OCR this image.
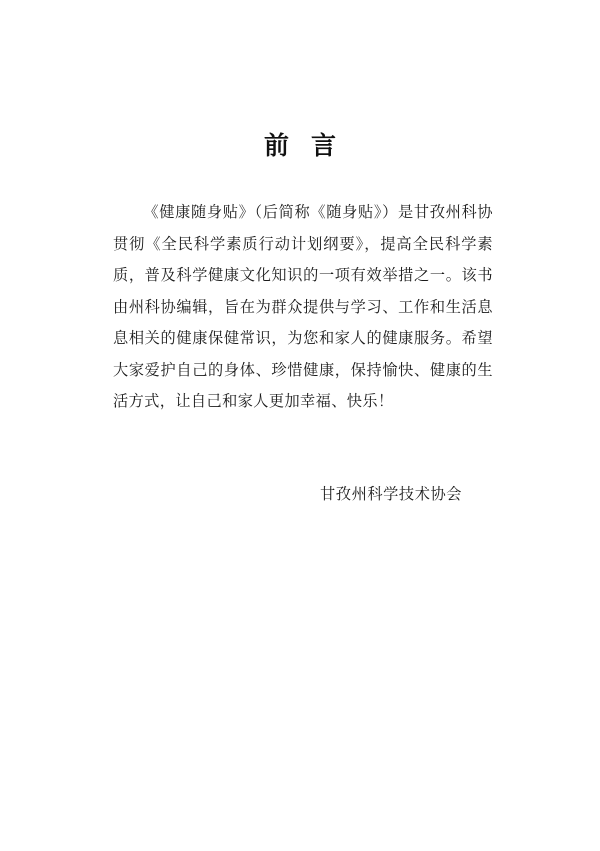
前言

《健康随身贴》（后简称《随身贴》）是甘孜州科协贯彻《全民科学素质行动计划纲要》，提高全民科学素质，普及科学健康文化知识的一项有效举措之一。该书由州科协编辑，旨在为群众提供与学习、工作和生活息息相关的健康保健常识，为您和家人的健康服务。希望大家爱护自己的身体、珍惜健康，保持愉快、健康的生活方式，让自己和家人更加幸福、快乐！

甘孜州科学技术协会
